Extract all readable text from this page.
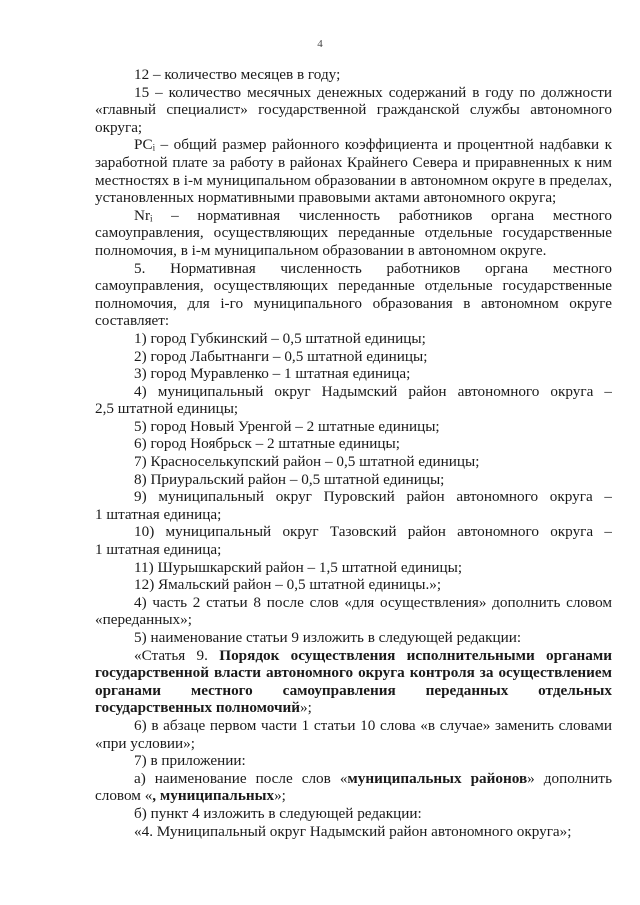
4
12 – количество месяцев в году;
15 – количество месячных денежных содержаний в году по должности
«главный специалист» государственной гражданской службы автономного
округа;
PCᵢ – общий размер районного коэффициента и процентной надбавки к
заработной плате за работу в районах Крайнего Севера и приравненных к ним
местностях в i-м муниципальном образовании в автономном округе в пределах,
установленных нормативными правовыми актами автономного округа;
Nrᵢ – нормативная численность работников органа местного
самоуправления, осуществляющих переданные отдельные государственные
полномочия, в i-м муниципальном образовании в автономном округе.
5. Нормативная численность работников органа местного
самоуправления, осуществляющих переданные отдельные государственные
полномочия, для i-го муниципального образования в автономном округе
составляет:
1) город Губкинский – 0,5 штатной единицы;
2) город Лабытнанги – 0,5 штатной единицы;
3) город Муравленко – 1 штатная единица;
4) муниципальный округ Надымский район автономного округа –
2,5 штатной единицы;
5) город Новый Уренгой – 2 штатные единицы;
6) город Ноябрьск – 2 штатные единицы;
7) Красноселькупский район – 0,5 штатной единицы;
8) Приуральский район – 0,5 штатной единицы;
9) муниципальный округ Пуровский район автономного округа –
1 штатная единица;
10) муниципальный округ Тазовский район автономного округа –
1 штатная единица;
11) Шурышкарский район – 1,5 штатной единицы;
12) Ямальский район – 0,5 штатной единицы.»;
4) часть 2 статьи 8 после слов «для осуществления» дополнить словом
«переданных»;
5) наименование статьи 9 изложить в следующей редакции:
«Статья 9. Порядок осуществления исполнительными органами
государственной власти автономного округа контроля за осуществлением
органами местного самоуправления переданных отдельных
государственных полномочий»;
6) в абзаце первом части 1 статьи 10 слова «в случае» заменить словами
«при условии»;
7) в приложении:
а) наименование после слов «муниципальных районов» дополнить
словом «, муниципальных»;
б) пункт 4 изложить в следующей редакции:
«4. Муниципальный округ Надымский район автономного округа»;
